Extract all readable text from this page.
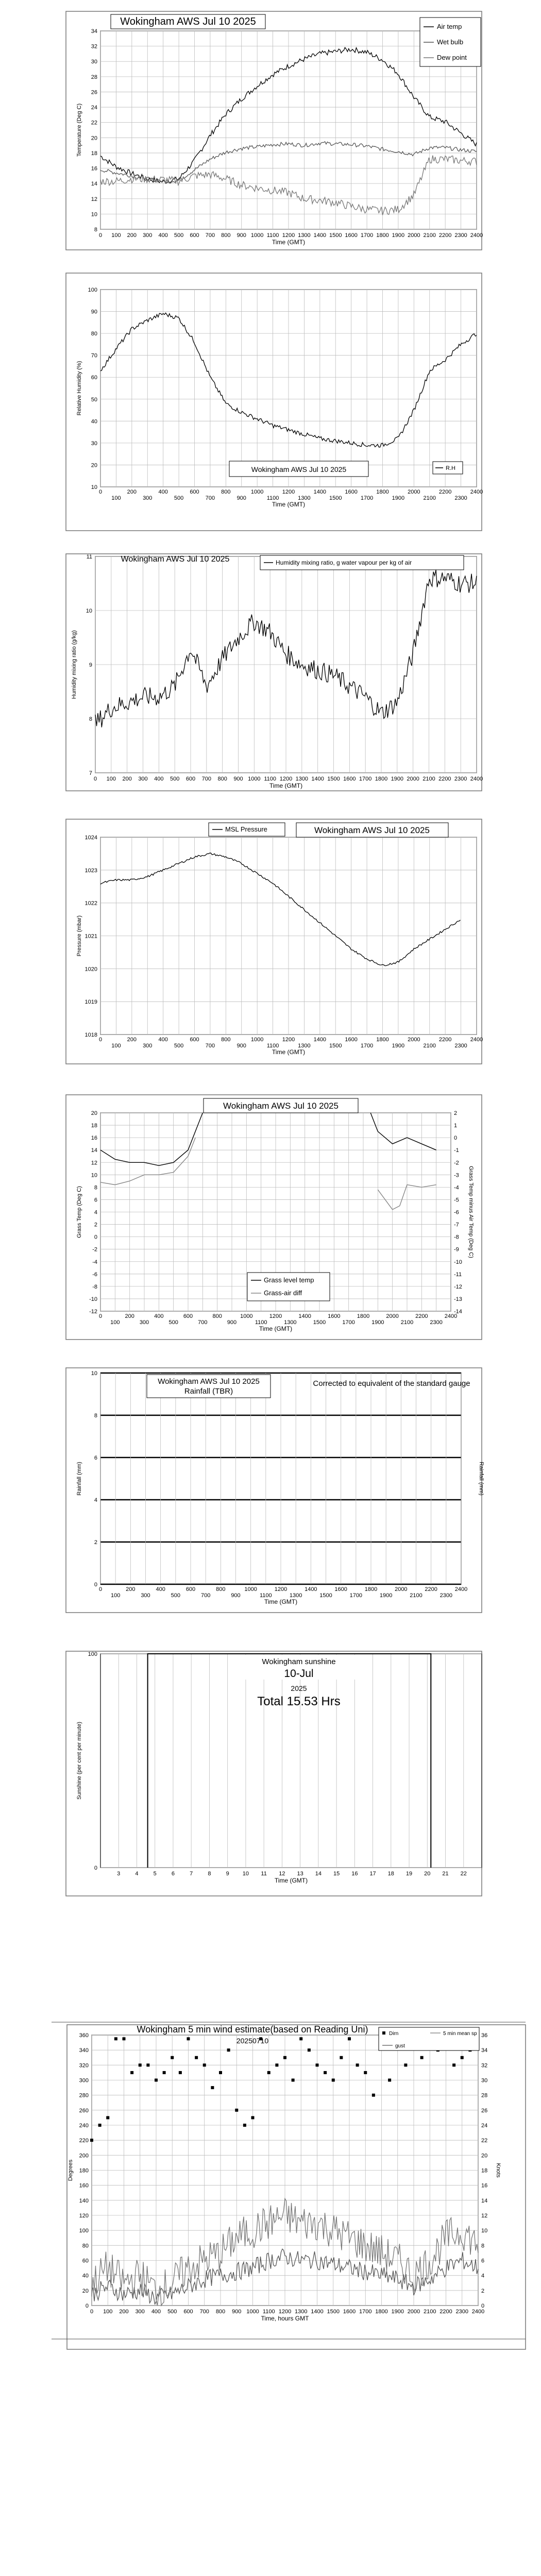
8
10
12
14
16
18
20
22
24
26
28
30
32
34
0 100 200 300 400 500 600 700 800 900 1000 1100 1200 1300 1400 1500 1600 1700 1800 1900 2000 2100 2200 2300 2400
Time (GMT)
Temperature (Deg C)
Wokingham AWS Jul 10 2025	Air temp
Wet bulb
Dew point
10
20
30
40
50
60
70
80
90
100
0	200	400	600	800	1000	1200	1400	1600	1800	2000	2200	2400
100	300	500	700	900	1100	1300	1500	1700	1900	2100	2300
Time (GMT)
Relative Humidity (%)
Wokingham AWS Jul 10 2025	R.H
7
8
9
10
11
0 100 200 300 400 500 600 700 800 900 1000 1100 1200 1300 1400 1500 1600 1700 1800 1900 2000 2100 2200 2300 2400
Time (GMT)
Humidity mixing ratio (g/kg)
Wokingham AWS Jul 10 2025	Humidity mixing ratio, g water vapour per kg of air
1018
1019
1020
1021
1022
1023
1024
0	200	400	600	800	1000	1200	1400	1600	1800	2000	2200	2400
100	300	500	700	900	1100	1300	1500	1700	1900	2100	2300
Time (GMT)
Pressure (mbar)
MSL Pressure	Wokingham AWS Jul 10 2025
-12
-10
-8
-6
-4
-2
0
2
4
6
8
10
12
14
16
18
20
-14
-13
-12
-11
-10
-9
-8
-7
-6
-5
-4
-3
-2
-1
0
1
2
0	200	400	600	800	1000	1200	1400	1600	1800	2000	2200	2400
100	300	500	700	900	1100	1300	1500	1700	1900	2100	2300
Time (GMT)
Grass Temp (Deg C)	Grass Temp minus Air Temp (Deg C)
Wokingham AWS Jul 10 2025
Grass level temp
Grass-air diff
0
2
4
6
8
10
0	200	400	600	800	1000	1200	1400	1600	1800	2000	2200	2400
100	300	500	700	900	1100	1300	1500	1700	1900	2100	2300
Time (GMT)
Rainfall (mm)	Rainfall (mm)
Wokingham AWS Jul 10 2025
Rainfall (TBR)
Corrected to equivalent of the standard gauge
0
100
3	4	5	6	7	8	9 10 11 12 13 14 15 16 17 18 19 20 21 22
Time (GMT)
Sunshine (per cent per minute)
Wokingham sunshine
10-Jul
2025
Total 15.53 Hrs
0
20
40
60
80
100
120
140
160
180
200
220
240
260
280
300
320
340
360
0
2
4
6
8
10
12
14
16
18
20
22
24
26
28
30
32
34
36
0 100 200 300 400 500 600 700 800 900 1000 1100 1200 1300 1400 1500 1600 1700 1800 1900 2000 2100 2200 2300 2400
Time, hours GMT
Degrees	Knots
Wokingham 5 min wind estimate(based on Reading Uni)
20250710
Dirn
gust
5 min mean sp
